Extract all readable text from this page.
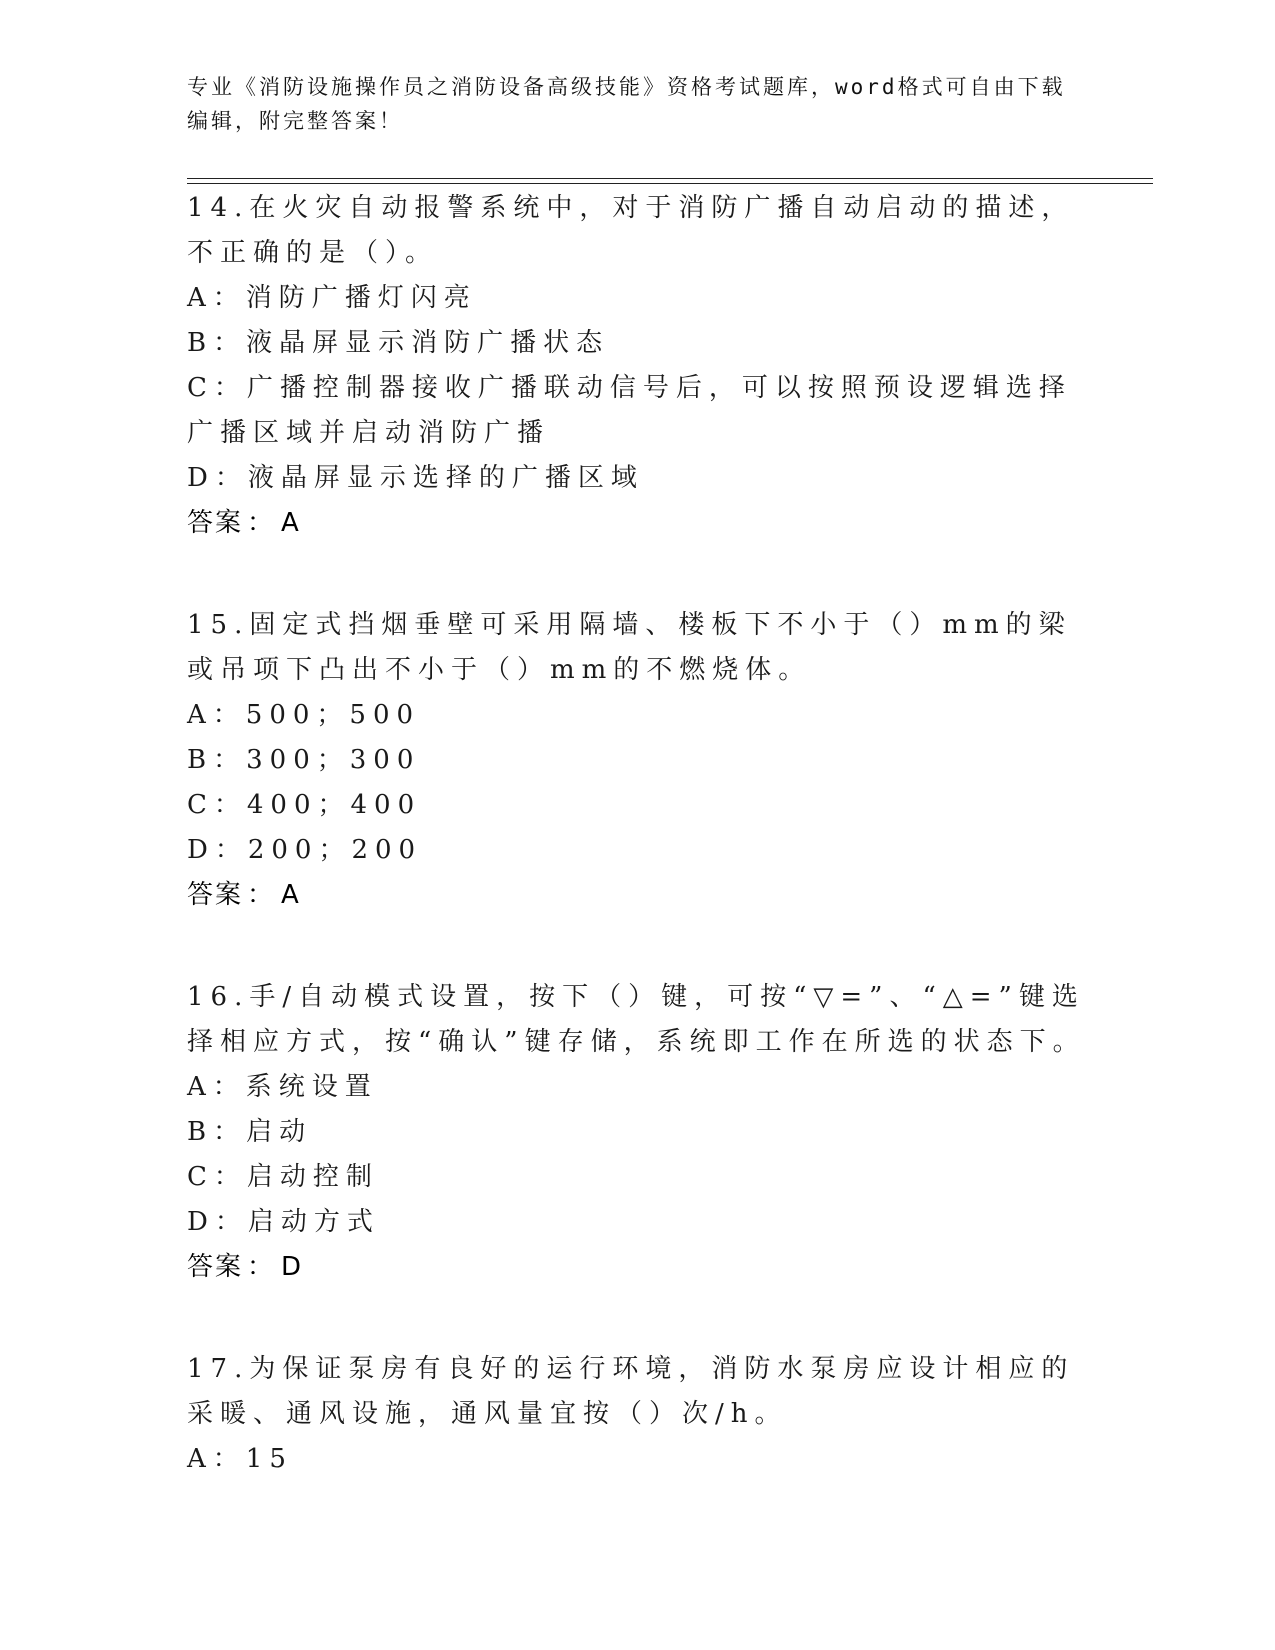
专业《消防设施操作员之消防设备高级技能》资格考试题库，word格式可自由下载编辑，附完整答案！
14.在火灾自动报警系统中，对于消防广播自动启动的描述，不正确的是（）。
A：消防广播灯闪亮
B：液晶屏显示消防广播状态
C：广播控制器接收广播联动信号后，可以按照预设逻辑选择广播区域并启动消防广播
D：液晶屏显示选择的广播区域
答案 ： A
15.固定式挡烟垂壁可采用隔墙、楼板下不小于（）mm的梁或吊项下凸出不小于（）mm的不燃烧体。
A：500；500
B：300；300
C：400；400
D：200；200
答案 ： A
16.手/自动模式设置，按下（）键，可按“▽=”、“△=”键选择相应方式，按“确认”键存储，系统即工作在所选的状态下。
A：系统设置
B：启动
C：启动控制
D：启动方式
答案 ： D
17.为保证泵房有良好的运行环境，消防水泵房应设计相应的采暖、通风设施，通风量宜按（）次/h。
A：15
